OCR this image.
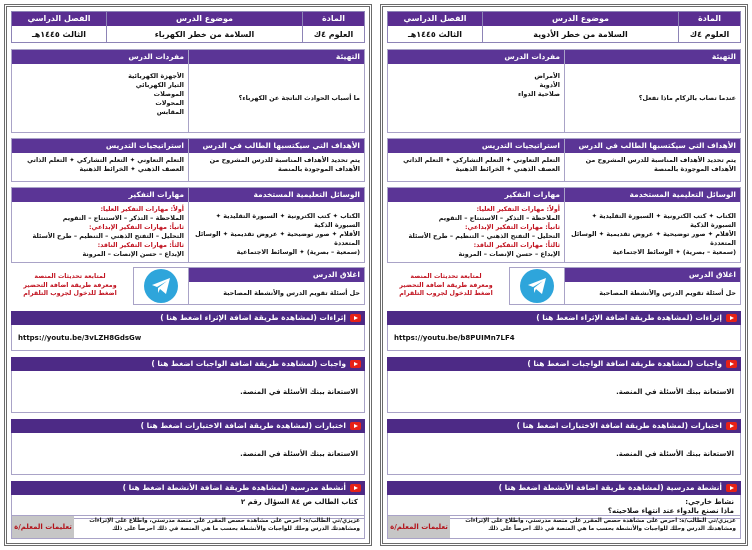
المادة
العلوم ٤ك
موضوع الدرس
السلامة من خطر الأدوية
الفصل الدراسي
الثالث ١٤٤٥هـ
التهيئة
عندما تصاب بالزكام ماذا تفعل؟
مفردات الدرس
الأمراض
الأدوية
صلاحية الدواء
الأهداف التي سيكتسبها الطالب في الدرس
يتم تحديد الأهداف المناسبة للدرس المشروح من الأهداف الموجودة بالمنصة
استراتيجيات التدريس
التعلم التعاوني ✦ التعلم التشاركي ✦ التعلم الذاتي
العصف الذهني ✦ الخرائط الذهنية
الوسائل التعليمية المستخدمة
الكتاب ✦ كتب الكترونية ✦ السبورة التقليدية ✦ السبورة الذكية
الأقلام ✦ صور توضيحية ✦ عروض تقديمية ✦ الوسائل المتعددة
(سمعية – بصرية) ✦ الوسائط الاجتماعية
مهارات التفكير
أولاً: مهارات التفكير العليا:
الملاحظة – التذكر – الاستنتاج – التقويم
ثانياً: مهارات التفكير الإبداعي:
التحليل – التفتح الذهني – التنظيم – طرح الأسئلة
ثالثاً: مهارات التفكير الناقد:
الإبداع – حسن الإنصات – المرونة
اغلاق الدرس
حل أسئلة تقويم الدرس والأنشطة المصاحبة
لمتابعة تحديثات المنصة
ومعرفة طريقة اضافة التحضير
اضغط للدخول لجروب التلقرام
إثراءات (لمشاهدة طريقة اضافة الإثراء اضغط هنا )
https://youtu.be/b8PUIMn7LF4
واجبات (لمشاهدة طريقة اضافة الواجبات اضغط هنا )
الاستعانة ببنك الأسئلة في المنصة.
اختبارات (لمشاهدة طريقة اضافة الاختبارات اضغط هنا )
الاستعانة ببنك الأسئلة في المنصة.
أنشطة مدرسية (لمشاهدة طريقة اضافة الأنشطة اضغط هنا )
نشاط خارجي:
ماذا نصنع بالدواء عند انتهاء صلاحيته؟
عزيزي/تي الطالب/ة: احرص على مشاهدة حصص المقرر على منصة مدرستي، واطلاع على الإثراءات ومشاهدتك الدرس وحلك للواجبات والأنشطة بحسب ما هي المنصة في ذلك احرصاً على ذلك
تعليمات المعلم/ة
المادة
العلوم ٤ك
موضوع الدرس
السلامة من خطر الكهرباء
الفصل الدراسي
الثالث ١٤٤٥هـ
التهيئة
ما أسباب الحوادث الناتجة عن الكهرباء؟
مفردات الدرس
الأجهزة الكهربائية
التيار الكهربائي
الموصلات
المحولات
المقابس
الأهداف التي سيكتسبها الطالب في الدرس
يتم تحديد الأهداف المناسبة للدرس المشروح من الأهداف الموجودة بالمنصة
استراتيجيات التدريس
التعلم التعاوني ✦ التعلم التشاركي ✦ التعلم الذاتي
العصف الذهني ✦ الخرائط الذهنية
الوسائل التعليمية المستخدمة
الكتاب ✦ كتب الكترونية ✦ السبورة التقليدية ✦ السبورة الذكية
الأقلام ✦ صور توضيحية ✦ عروض تقديمية ✦ الوسائل المتعددة
(سمعية – بصرية) ✦ الوسائط الاجتماعية
مهارات التفكير
أولاً: مهارات التفكير العليا:
الملاحظة – التذكر – الاستنتاج – التقويم
ثانياً: مهارات التفكير الإبداعي:
التحليل – التفتح الذهني – التنظيم – طرح الأسئلة
ثالثاً: مهارات التفكير الناقد:
الإبداع – حسن الإنصات – المرونة
اغلاق الدرس
حل أسئلة تقويم الدرس والأنشطة المصاحبة
لمتابعة تحديثات المنصة
ومعرفة طريقة اضافة التحضير
اضغط للدخول لجروب التلقرام
إثراءات (لمشاهدة طريقة اضافة الإثراء اضغط هنا )
https://youtu.be/3vLZH8GdsGw
واجبات (لمشاهدة طريقة اضافة الواجبات اضغط هنا )
الاستعانة ببنك الأسئلة في المنصة.
اختبارات (لمشاهدة طريقة اضافة الاختبارات اضغط هنا )
الاستعانة ببنك الأسئلة في المنصة.
أنشطة مدرسية (لمشاهدة طريقة اضافة الأنشطة اضغط هنا )
كتاب الطالب ص ٨٤ السؤال رقم ٢
عزيزي/تي الطالب/ة: احرص على مشاهدة حصص المقرر على منصة مدرستي، واطلاع على الإثراءات ومشاهدتك الدرس وحلك للواجبات والأنشطة بحسب ما هي المنصة في ذلك احرصاً على ذلك
تعليمات المعلم/ة
